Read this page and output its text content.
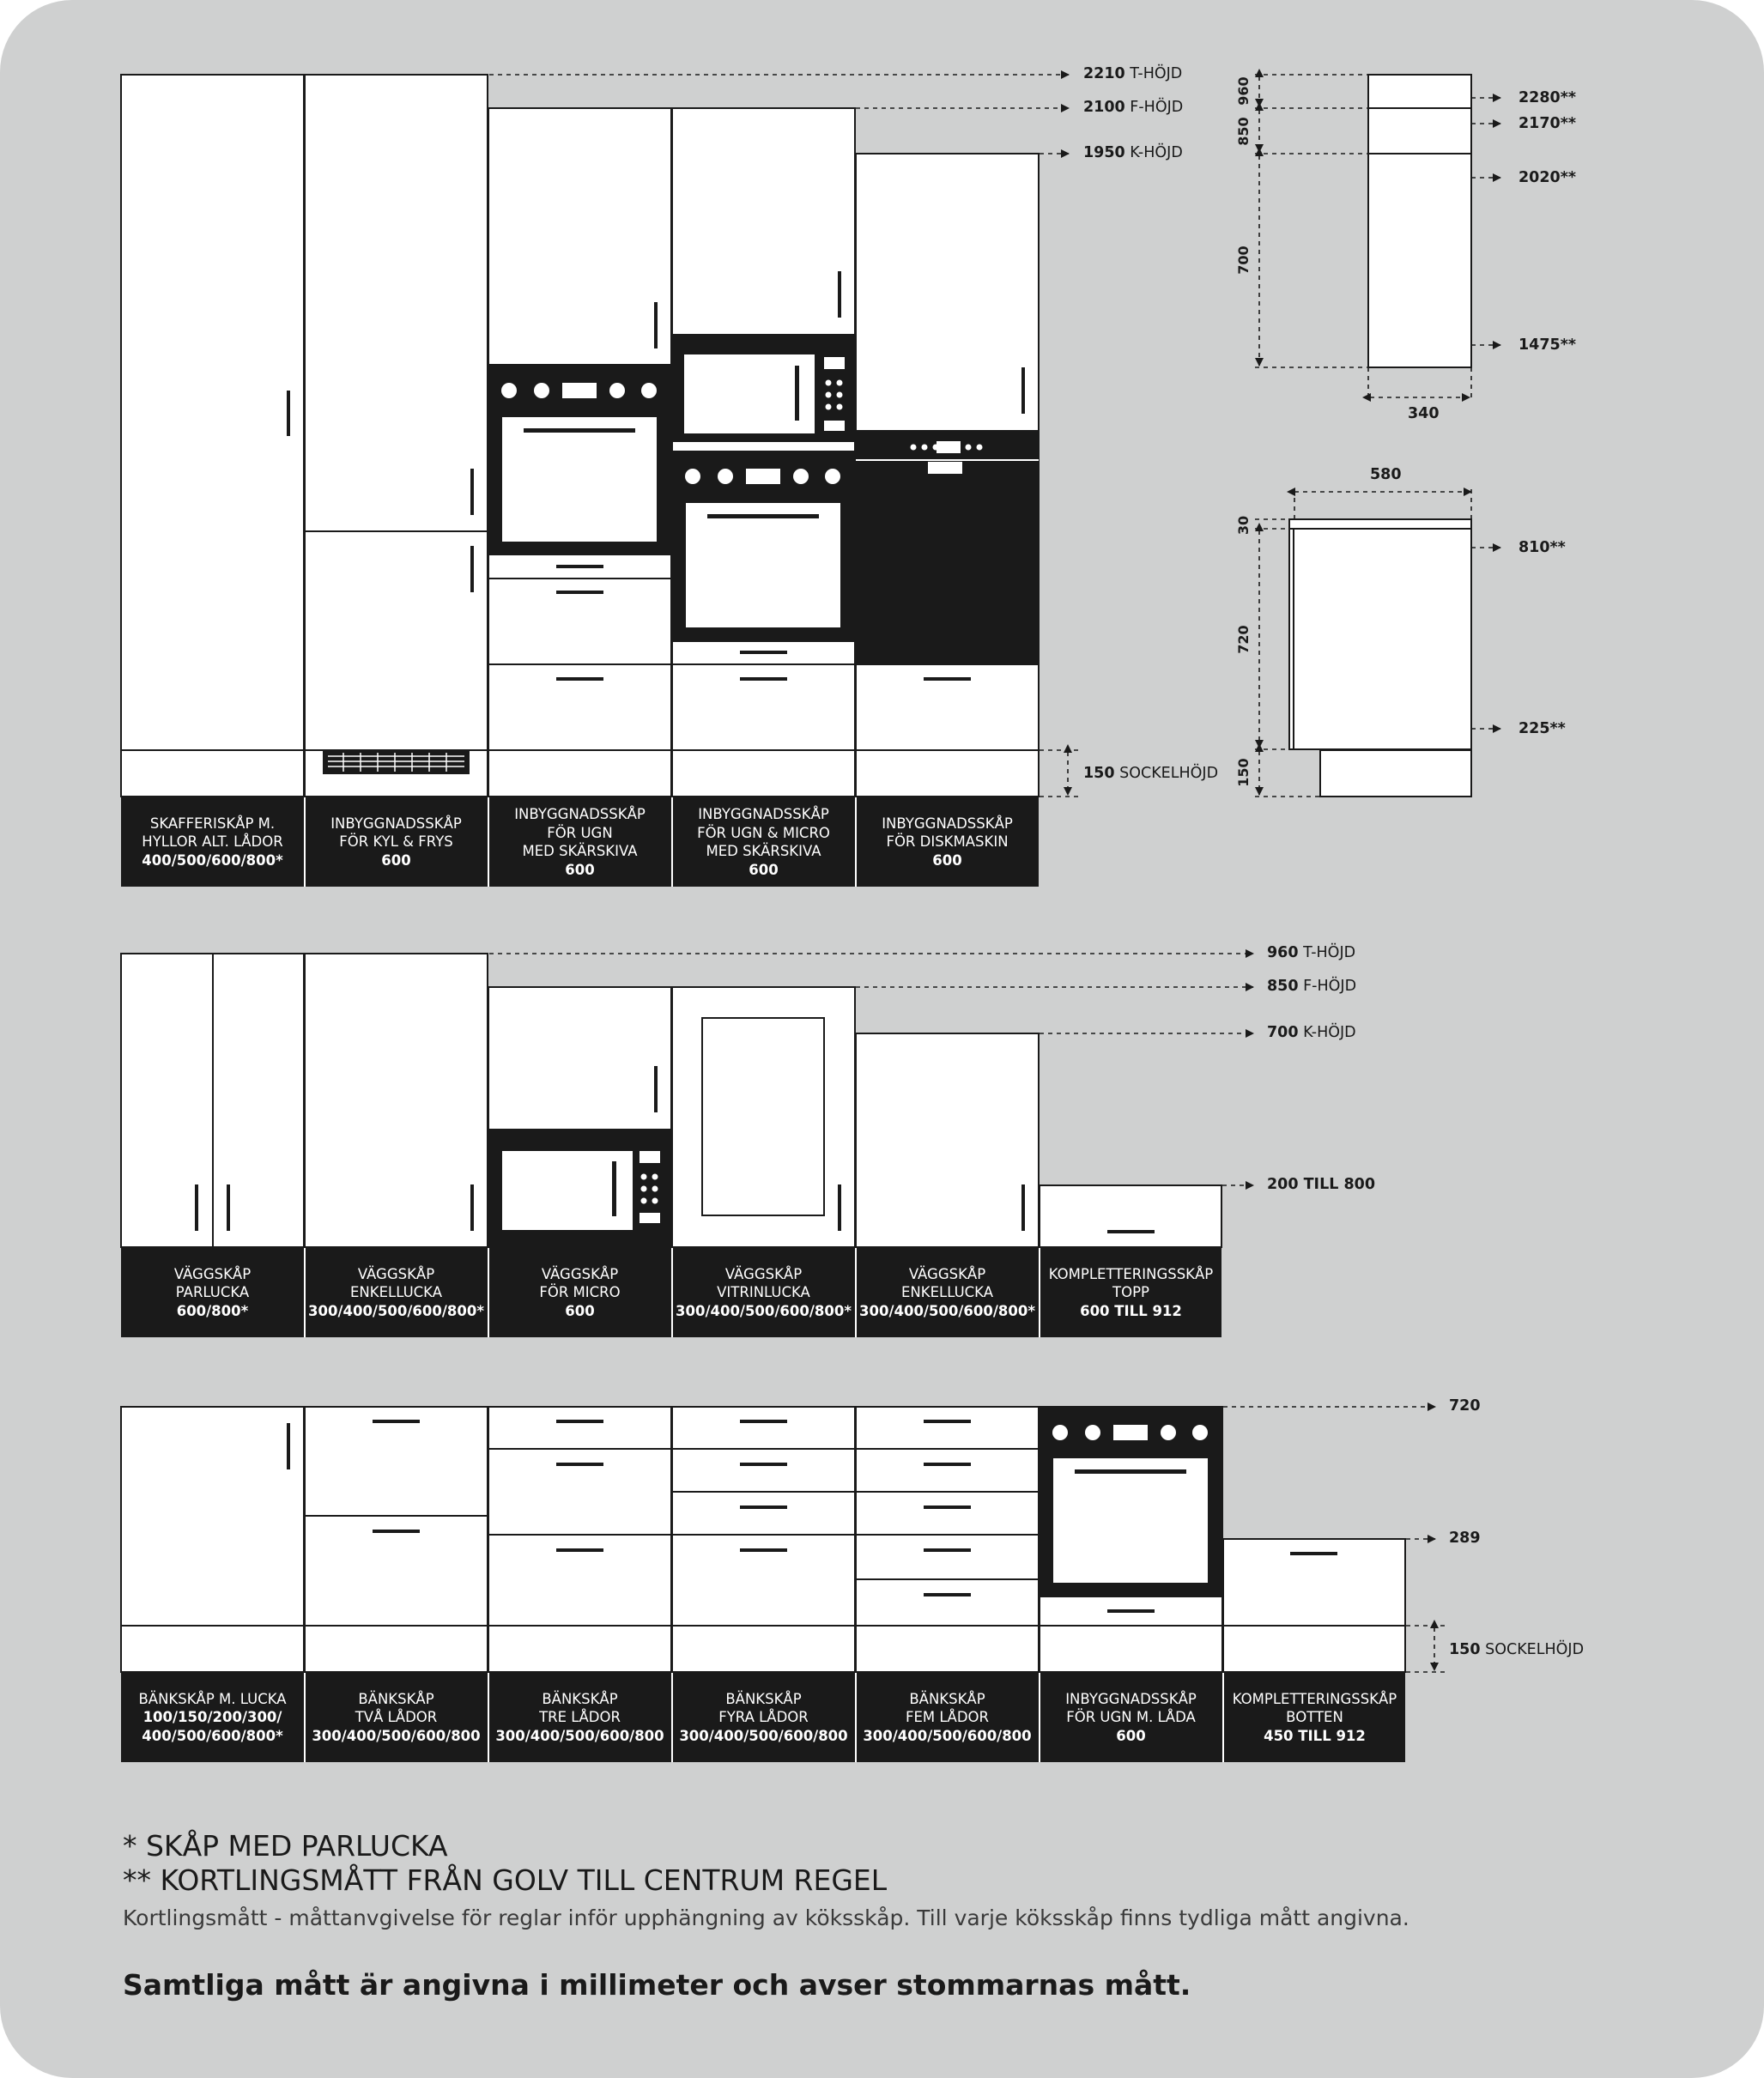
SKAFFERISKÅP M.
HYLLOR ALT. LÅDOR
400/500/600/800*
INBYGGNADSSKÅP
FÖR KYL & FRYS
600
INBYGGNADSSKÅP
FÖR UGN
MED SKÄRSKIVA
600
INBYGGNADSSKÅP
FÖR UGN & MICRO
MED SKÄRSKIVA
600
INBYGGNADSSKÅP
FÖR DISKMASKIN
600
2210 T-HÖJD
2100 F-HÖJD
1950 K-HÖJD
150 SOCKELHÖJD
960
850
700
340
2280**
2170**
2020**
1475**
580
30
720
150
810**
225**
VÄGGSKÅP
PARLUCKA
600/800*
VÄGGSKÅP
ENKELLUCKA
300/400/500/600/800*
VÄGGSKÅP
FÖR MICRO
600
VÄGGSKÅP
VITRINLUCKA
300/400/500/600/800*
VÄGGSKÅP
ENKELLUCKA
300/400/500/600/800*
KOMPLETTERINGSSKÅP
TOPP
600 TILL 912
960 T-HÖJD
850 F-HÖJD
700 K-HÖJD
200 TILL 800
BÄNKSKÅP M. LUCKA
100/150/200/300/
400/500/600/800*
BÄNKSKÅP
TVÅ LÅDOR
300/400/500/600/800
BÄNKSKÅP
TRE LÅDOR
300/400/500/600/800
BÄNKSKÅP
FYRA LÅDOR
300/400/500/600/800
BÄNKSKÅP
FEM LÅDOR
300/400/500/600/800
INBYGGNADSSKÅP
FÖR UGN M. LÅDA
600
KOMPLETTERINGSSKÅP
BOTTEN
450 TILL 912
720
289
150 SOCKELHÖJD
* SKÅP MED PARLUCKA
** KORTLINGSMÅTT FRÅN GOLV TILL CENTRUM REGEL
Kortlingsmått - måttanvgivelse för reglar inför upphängning av köksskåp. Till varje köksskåp finns tydliga mått angivna.
Samtliga mått är angivna i millimeter och avser stommarnas mått.
